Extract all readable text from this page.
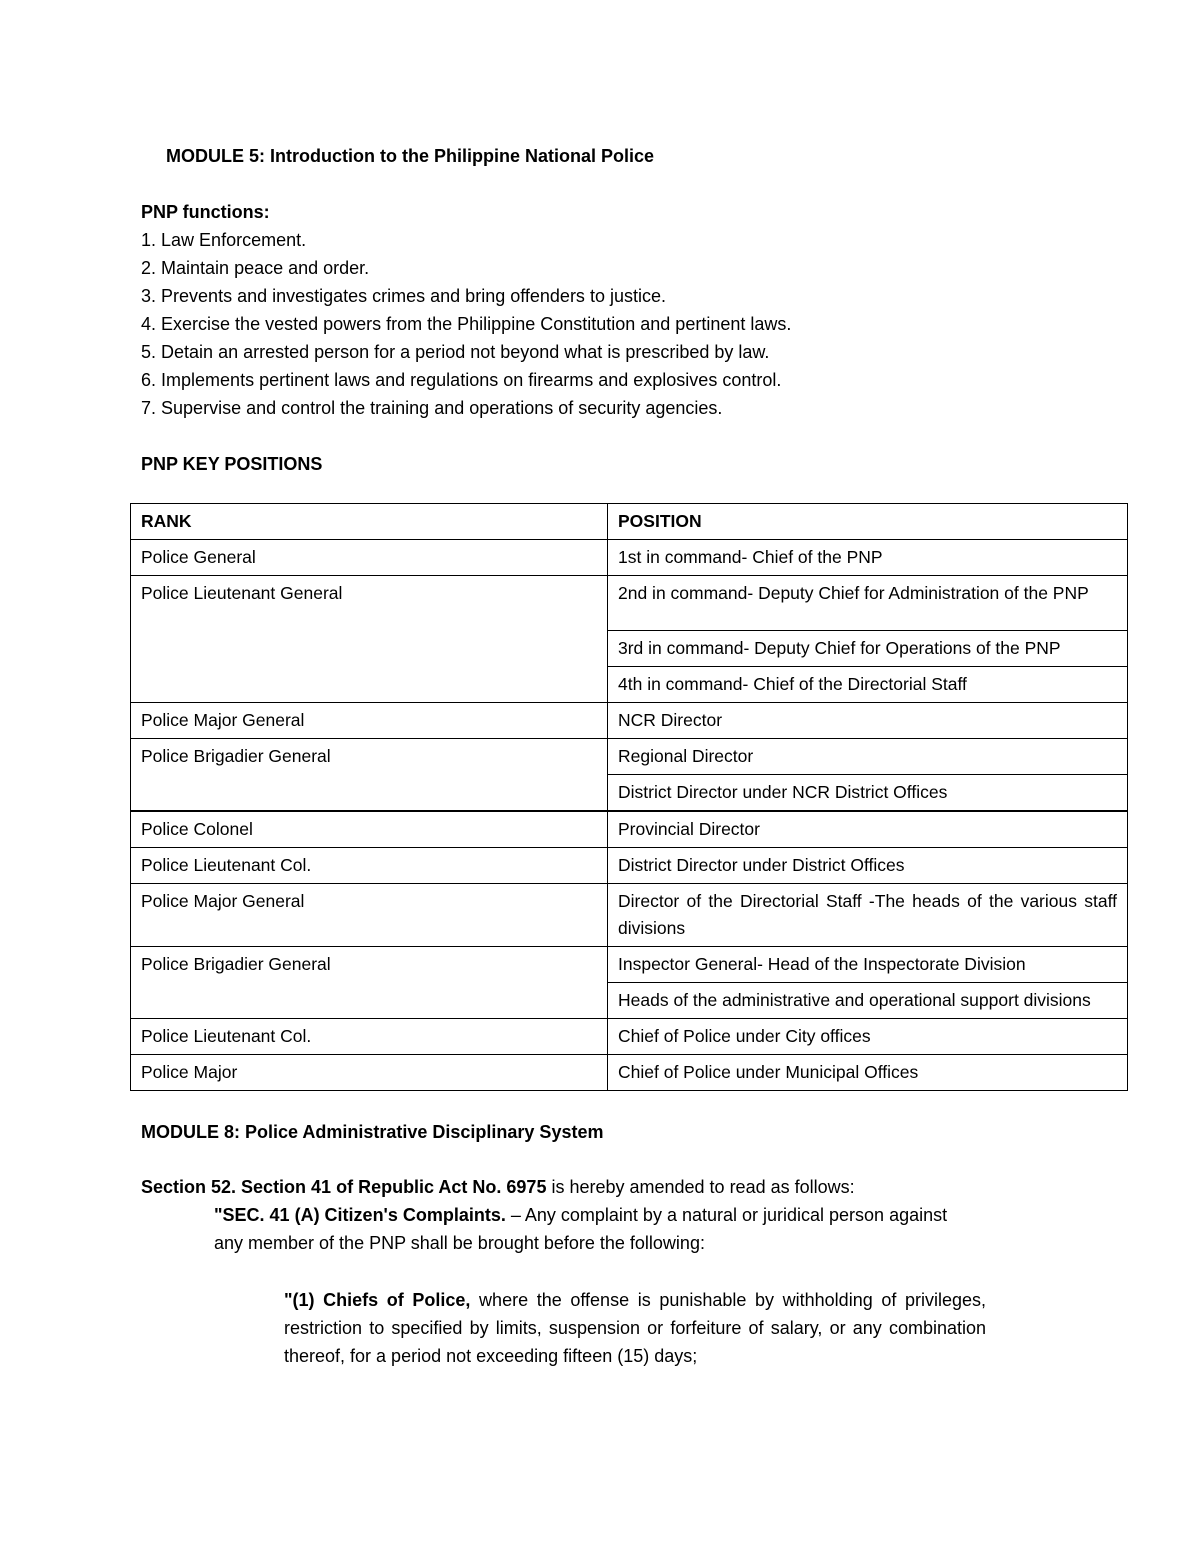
MODULE 5: Introduction to the Philippine National Police
PNP functions:
1. Law Enforcement.
2. Maintain peace and order.
3. Prevents and investigates crimes and bring offenders to justice.
4. Exercise the vested powers from the Philippine Constitution and pertinent laws.
5. Detain an arrested person for a period not beyond what is prescribed by law.
6. Implements pertinent laws and regulations on firearms and explosives control.
7. Supervise and control the training and operations of security agencies.
PNP KEY POSITIONS
RANK	POSITION
Police General	1st in command- Chief of the PNP
Police Lieutenant General	2nd in command- Deputy Chief for Administration of the PNP
	3rd in command- Deputy Chief for Operations of the PNP
	4th in command- Chief of the Directorial Staff
Police Major General	NCR Director
Police Brigadier General	Regional Director
	District Director under NCR District Offices
Police Colonel	Provincial Director
Police Lieutenant Col.	District Director under District Offices
Police Major General	Director of the Directorial Staff -The heads of the various staff divisions
Police Brigadier General	Inspector General- Head of the Inspectorate Division
	Heads of the administrative and operational support divisions
Police Lieutenant Col.	Chief of Police under City offices
Police Major	Chief of Police under Municipal Offices
MODULE 8: Police Administrative Disciplinary System
Section 52. Section 41 of Republic Act No. 6975 is hereby amended to read as follows:
"SEC. 41 (A) Citizen's Complaints. – Any complaint by a natural or juridical person against
any member of the PNP shall be brought before the following:
"(1) Chiefs of Police, where the offense is punishable by withholding of privileges, restriction to specified by limits, suspension or forfeiture of salary, or any combination thereof, for a period not exceeding fifteen (15) days;
